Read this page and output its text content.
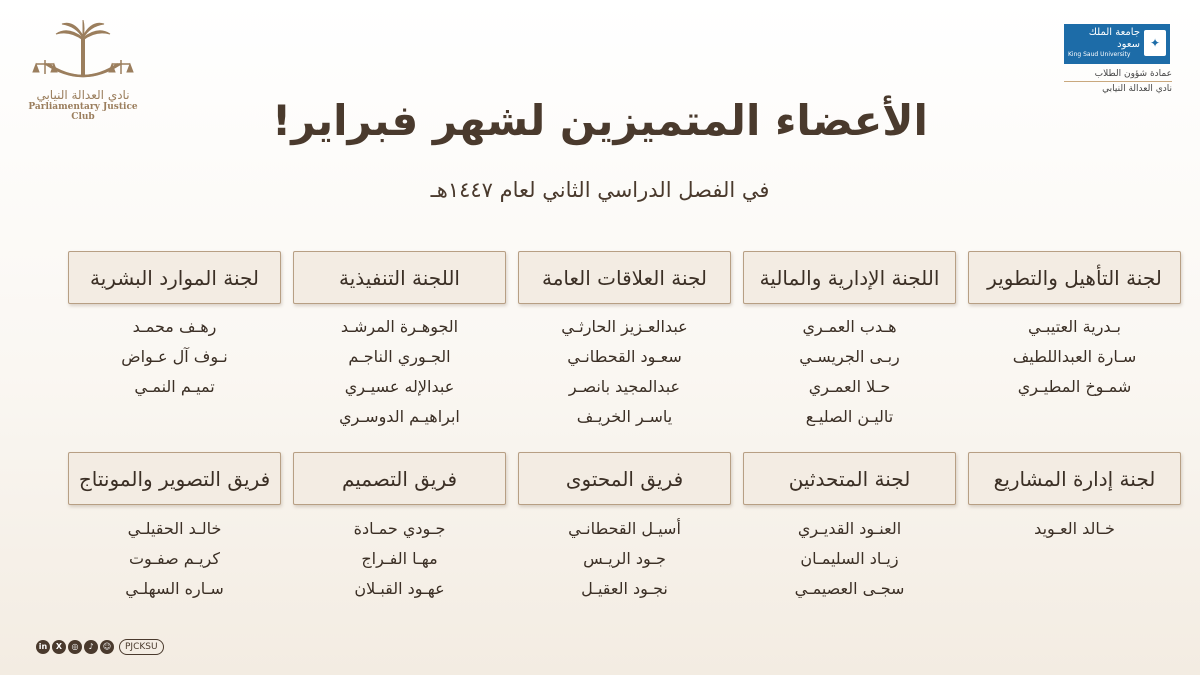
نادي العدالة النيابي
Parliamentary Justice Club
جامعة الملك سعود
King Saud University
✦
عمادة شؤون الطلاب
نادي العدالة النيابي
الأعضاء المتميزين لشهر فبراير!
في الفصل الدراسي الثاني لعام ١٤٤٧هـ
لجنة التأهيل والتطوير
اللجنة الإدارية والمالية
لجنة العلاقات العامة
اللجنة التنفيذية
لجنة الموارد البشرية
بـدرية العتيبـي
سـارة العبداللطيف
شمـوخ المطيـري
هـدب العمـري
ربـى الجريسـي
حـلا العمـري
تاليـن الصليـع
عبدالعـزيز الحارثـي
سعـود القحطانـي
عبدالمجيد بانصـر
ياسـر الخريـف
الجوهـرة المرشـد
الجـوري الناجـم
عبدالإله عسيـري
ابراهيـم الدوسـري
رهـف محمـد
نـوف آل عـواض
تميـم النمـي
لجنة إدارة المشاريع
لجنة المتحدثين
فريق المحتوى
فريق التصميم
فريق التصوير والمونتاج
خـالد العـويد
العنـود القديـري
زيـاد السليمـان
سجـى العصيمـي
أسيـل القحطانـي
جـود الريـس
نجـود العقيـل
جـودي حمـادة
مهـا الفـراج
عهـود القبـلان
خالـد الحقيلـي
كريـم صفـوت
سـاره السهلـي
in	X	◎	♪	☺	PJCKSU
